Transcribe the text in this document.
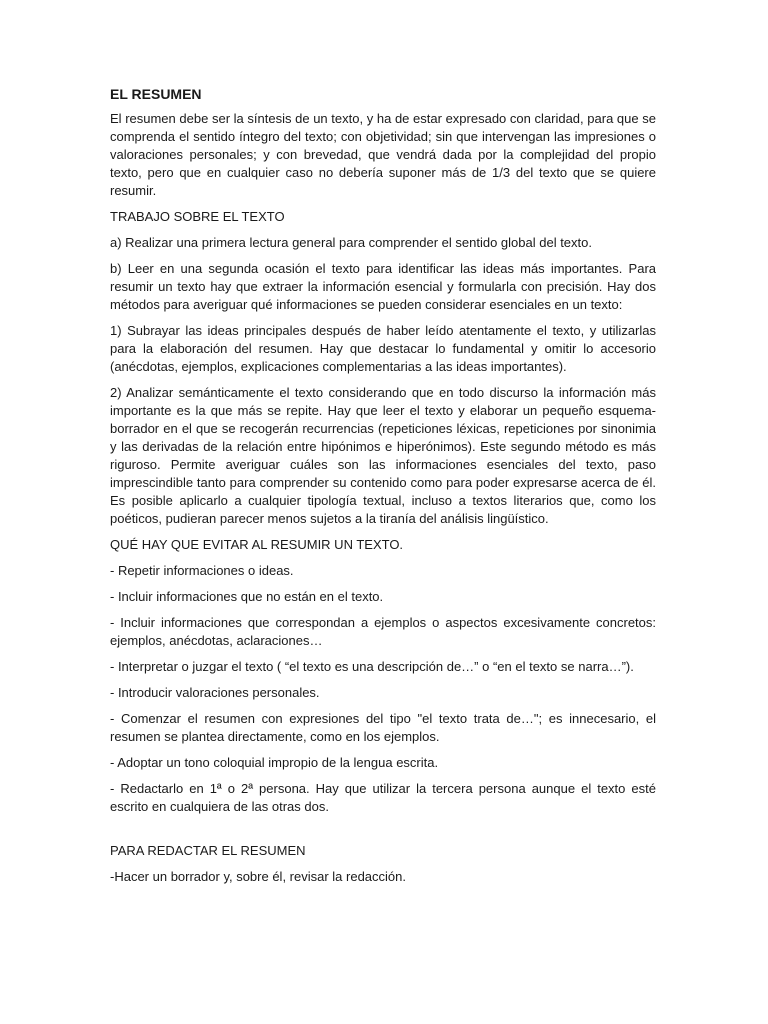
EL RESUMEN
El resumen debe ser la síntesis de un texto, y ha de estar expresado con claridad, para que se comprenda el sentido íntegro del texto; con objetividad; sin que intervengan las impresiones o valoraciones personales; y con brevedad, que vendrá dada por la complejidad del propio texto, pero que en cualquier caso no debería suponer más de 1/3 del texto que se quiere resumir.
TRABAJO SOBRE EL TEXTO
a) Realizar una primera lectura general para comprender el sentido global del texto.
b) Leer en una segunda ocasión el texto para identificar las ideas más importantes. Para resumir un texto hay que extraer la información esencial y formularla con precisión. Hay dos métodos para averiguar qué informaciones se pueden considerar esenciales en un texto:
1) Subrayar las ideas principales después de haber leído atentamente el texto, y utilizarlas para la elaboración del resumen. Hay que destacar lo fundamental y omitir lo accesorio (anécdotas, ejemplos, explicaciones complementarias a las ideas importantes).
2) Analizar semánticamente el texto considerando que en todo discurso la información más importante es la que más se repite. Hay que leer el texto y elaborar un pequeño esquema-borrador en el que se recogerán recurrencias (repeticiones léxicas, repeticiones por sinonimia y las derivadas de la relación entre hipónimos e hiperónimos). Este segundo método es más riguroso. Permite averiguar cuáles son las informaciones esenciales del texto, paso imprescindible tanto para comprender su contenido como para poder expresarse acerca de él. Es posible aplicarlo a cualquier tipología textual, incluso a textos literarios que, como los poéticos, pudieran parecer menos sujetos a la tiranía del análisis lingüístico.
QUÉ HAY QUE EVITAR AL RESUMIR UN TEXTO.
- Repetir informaciones o ideas.
- Incluir informaciones que no están en el texto.
- Incluir informaciones que correspondan a ejemplos o aspectos excesivamente concretos: ejemplos, anécdotas, aclaraciones…
- Interpretar o juzgar el texto ( “el texto es una descripción de…” o “en el texto se narra…”).
- Introducir valoraciones personales.
- Comenzar el resumen con expresiones del tipo "el texto trata de…"; es innecesario, el resumen se plantea directamente, como en los ejemplos.
- Adoptar un tono coloquial impropio de la lengua escrita.
- Redactarlo en 1ª o 2ª persona. Hay que utilizar la tercera persona aunque el texto esté escrito en cualquiera de las otras dos.
PARA REDACTAR EL RESUMEN
-Hacer un borrador y, sobre él, revisar la redacción.
